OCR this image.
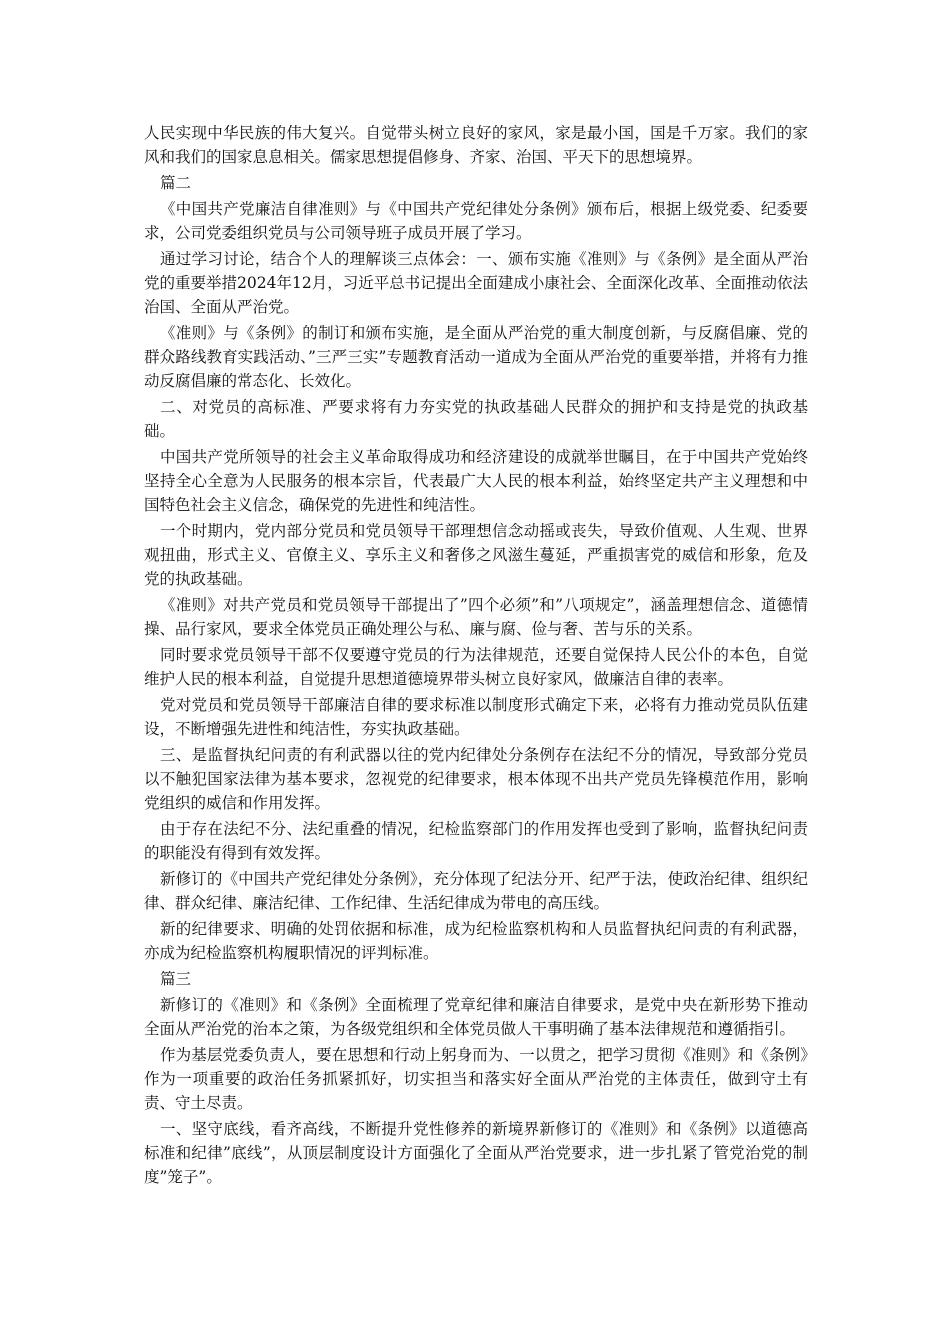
人民实现中华民族的伟大复兴。自觉带头树立良好的家风，家是最小国，国是千万家。我们的家风和我们的国家息息相关。儒家思想提倡修身、齐家、治国、平天下的思想境界。

篇二

《中国共产党廉洁自律准则》与《中国共产党纪律处分条例》颁布后，根据上级党委、纪委要求，公司党委组织党员与公司领导班子成员开展了学习。

通过学习讨论，结合个人的理解谈三点体会：一、颁布实施《准则》与《条例》是全面从严治党的重要举措2024年12月，习近平总书记提出全面建成小康社会、全面深化改革、全面推动依法治国、全面从严治党。

《准则》与《条例》的制订和颁布实施，是全面从严治党的重大制度创新，与反腐倡廉、党的群众路线教育实践活动、”三严三实”专题教育活动一道成为全面从严治党的重要举措，并将有力推动反腐倡廉的常态化、长效化。

二、对党员的高标准、严要求将有力夯实党的执政基础人民群众的拥护和支持是党的执政基础。

中国共产党所领导的社会主义革命取得成功和经济建设的成就举世瞩目，在于中国共产党始终坚持全心全意为人民服务的根本宗旨，代表最广大人民的根本利益，始终坚定共产主义理想和中国特色社会主义信念，确保党的先进性和纯洁性。

一个时期内，党内部分党员和党员领导干部理想信念动摇或丧失，导致价值观、人生观、世界观扭曲，形式主义、官僚主义、享乐主义和奢侈之风滋生蔓延，严重损害党的威信和形象，危及党的执政基础。

《准则》对共产党员和党员领导干部提出了”四个必须”和”八项规定”，涵盖理想信念、道德情操、品行家风，要求全体党员正确处理公与私、廉与腐、俭与奢、苦与乐的关系。

同时要求党员领导干部不仅要遵守党员的行为法律规范，还要自觉保持人民公仆的本色，自觉维护人民的根本利益，自觉提升思想道德境界带头树立良好家风，做廉洁自律的表率。

党对党员和党员领导干部廉洁自律的要求标准以制度形式确定下来，必将有力推动党员队伍建设，不断增强先进性和纯洁性，夯实执政基础。

三、是监督执纪问责的有利武器以往的党内纪律处分条例存在法纪不分的情况，导致部分党员以不触犯国家法律为基本要求，忽视党的纪律要求，根本体现不出共产党员先锋模范作用，影响党组织的威信和作用发挥。

由于存在法纪不分、法纪重叠的情况，纪检监察部门的作用发挥也受到了影响，监督执纪问责的职能没有得到有效发挥。

新修订的《中国共产党纪律处分条例》，充分体现了纪法分开、纪严于法，使政治纪律、组织纪律、群众纪律、廉洁纪律、工作纪律、生活纪律成为带电的高压线。

新的纪律要求、明确的处罚依据和标准，成为纪检监察机构和人员监督执纪问责的有利武器，亦成为纪检监察机构履职情况的评判标准。

篇三

新修订的《准则》和《条例》全面梳理了党章纪律和廉洁自律要求，是党中央在新形势下推动全面从严治党的治本之策，为各级党组织和全体党员做人干事明确了基本法律规范和遵循指引。

作为基层党委负责人，要在思想和行动上躬身而为、一以贯之，把学习贯彻《准则》和《条例》作为一项重要的政治任务抓紧抓好，切实担当和落实好全面从严治党的主体责任，做到守土有责、守土尽责。

一、坚守底线，看齐高线，不断提升党性修养的新境界新修订的《准则》和《条例》以道德高标准和纪律”底线”，从顶层制度设计方面强化了全面从严治党要求，进一步扎紧了管党治党的制度”笼子”。
